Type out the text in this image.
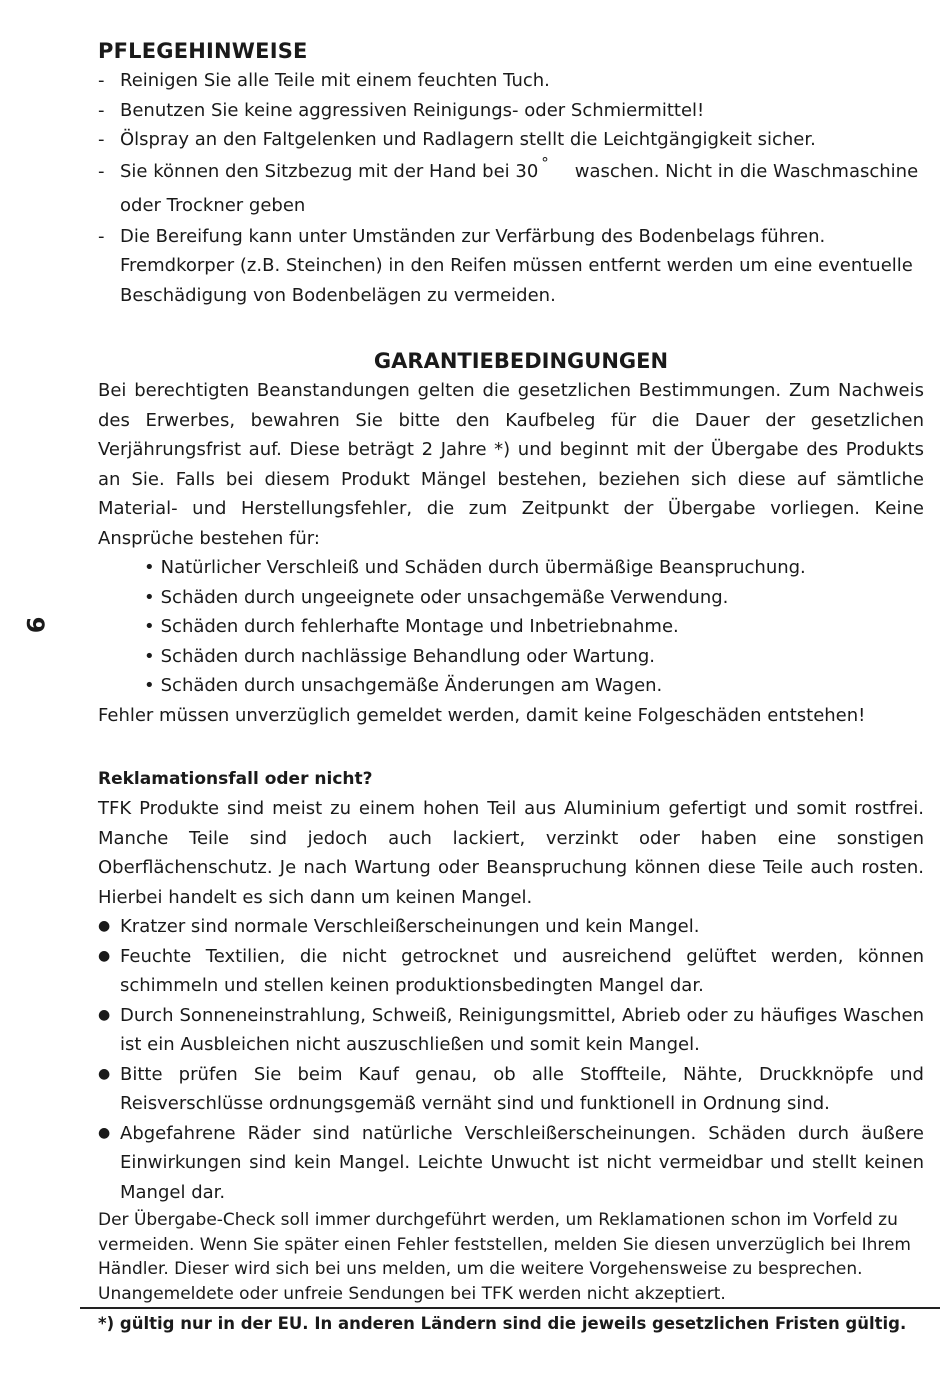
9
PFLEGEHINWEISE
- Reinigen Sie alle Teile mit einem feuchten Tuch.
- Benutzen Sie keine aggressiven Reinigungs- oder Schmiermittel!
- Ölspray an den Faltgelenken und Radlagern stellt die Leichtgängigkeit sicher.
- Sie können den Sitzbezug mit der Hand bei 30 ° waschen. Nicht in die Waschmaschine oder Trockner geben
- Die Bereifung kann unter Umständen zur Verfärbung des Bodenbelags führen. Fremdkorper (z.B. Steinchen) in den Reifen müssen entfernt werden um eine eventuelle Beschädigung von Bodenbelägen zu vermeiden.
GARANTIEBEDINGUNGEN
Bei berechtigten Beanstandungen gelten die gesetzlichen Bestimmungen. Zum Nachweis des Erwerbes, bewahren Sie bitte den Kaufbeleg für die Dauer der gesetzlichen Verjährungsfrist auf. Diese beträgt 2 Jahre *) und beginnt mit der Übergabe des Produkts an Sie. Falls bei diesem Produkt Mängel bestehen, beziehen sich diese auf sämtliche Material- und Herstellungsfehler, die zum Zeitpunkt der Übergabe vorliegen. Keine Ansprüche bestehen für:
• Natürlicher Verschleiß und Schäden durch übermäßige Beanspruchung.
• Schäden durch ungeeignete oder unsachgemäße Verwendung.
• Schäden durch fehlerhafte Montage und Inbetriebnahme.
• Schäden durch nachlässige Behandlung oder Wartung.
• Schäden durch unsachgemäße Änderungen am Wagen.
Fehler müssen unverzüglich gemeldet werden, damit keine Folgeschäden entstehen!
Reklamationsfall oder nicht?
TFK Produkte sind meist zu einem hohen Teil aus Aluminium gefertigt und somit rostfrei. Manche Teile sind jedoch auch lackiert, verzinkt oder haben eine sonstigen Oberflächenschutz. Je nach Wartung oder Beanspruchung können diese Teile auch rosten. Hierbei handelt es sich dann um keinen Mangel.
● Kratzer sind normale Verschleißerscheinungen und kein Mangel.
● Feuchte Textilien, die nicht getrocknet und ausreichend gelüftet werden, können schimmeln und stellen keinen produktionsbedingten Mangel dar.
● Durch Sonneneinstrahlung, Schweiß, Reinigungsmittel, Abrieb oder zu häufiges Waschen ist ein Ausbleichen nicht auszuschließen und somit kein Mangel.
● Bitte prüfen Sie beim Kauf genau, ob alle Stoffteile, Nähte, Druckknöpfe und Reisverschlüsse ordnungsgemäß vernäht sind und funktionell in Ordnung sind.
● Abgefahrene Räder sind natürliche Verschleißerscheinungen. Schäden durch äußere Einwirkungen sind kein Mangel. Leichte Unwucht ist nicht vermeidbar und stellt keinen Mangel dar.
Der Übergabe-Check soll immer durchgeführt werden, um Reklamationen schon im Vorfeld zu vermeiden. Wenn Sie später einen Fehler feststellen, melden Sie diesen unverzüglich bei Ihrem Händler. Dieser wird sich bei uns melden, um die weitere Vorgehensweise zu besprechen. Unangemeldete oder unfreie Sendungen bei TFK werden nicht akzeptiert.
*) gültig nur in der EU. In anderen Ländern sind die jeweils gesetzlichen Fristen gültig.
